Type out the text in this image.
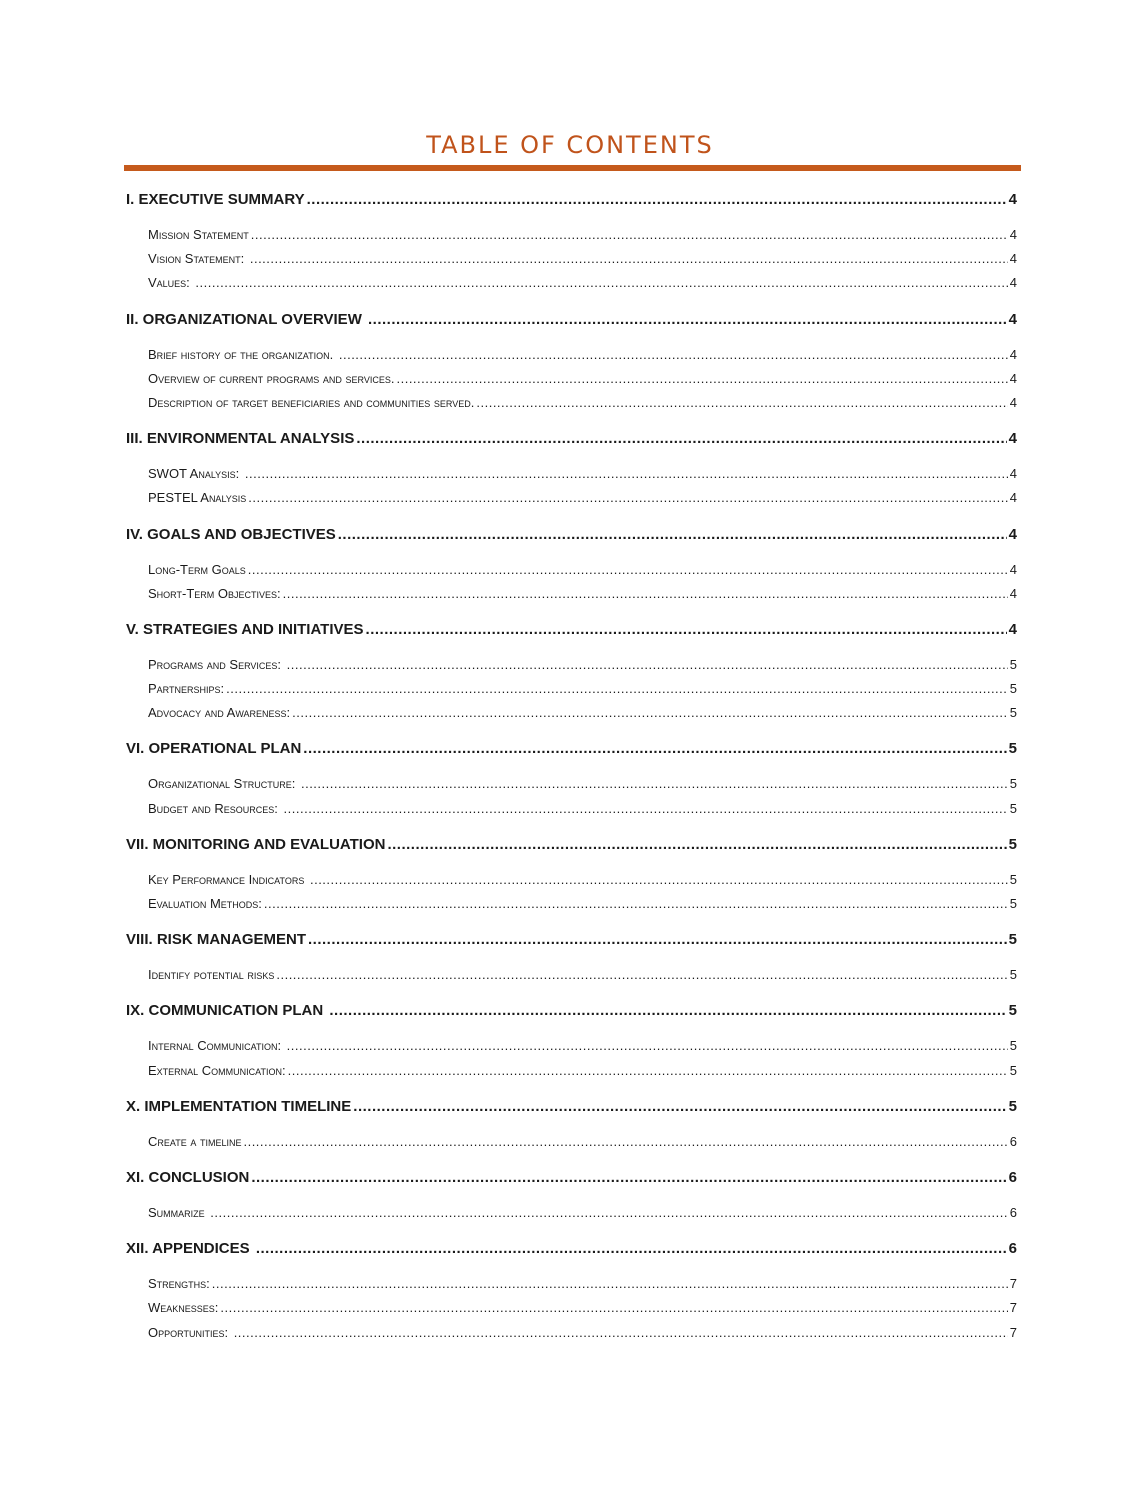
TABLE OF CONTENTS
I. EXECUTIVE SUMMARY .....	4
Mission Statement .....	4
Vision Statement: .....	4
Values: .....	4
II. ORGANIZATIONAL OVERVIEW .....	4
Brief history of the organization. .....	4
Overview of current programs and services. .....	4
Description of target beneficiaries and communities served. .....	4
III. ENVIRONMENTAL ANALYSIS .....	4
SWOT Analysis: .....	4
PESTEL Analysis .....	4
IV. GOALS AND OBJECTIVES .....	4
Long-Term Goals .....	4
Short-Term Objectives: .....	4
V. STRATEGIES AND INITIATIVES .....	4
Programs and Services: .....	5
Partnerships: .....	5
Advocacy and Awareness: .....	5
VI. OPERATIONAL PLAN .....	5
Organizational Structure: .....	5
Budget and Resources: .....	5
VII. MONITORING AND EVALUATION .....	5
Key Performance Indicators .....	5
Evaluation Methods: .....	5
VIII. RISK MANAGEMENT .....	5
Identify potential risks .....	5
IX. COMMUNICATION PLAN .....	5
Internal Communication: .....	5
External Communication: .....	5
X. IMPLEMENTATION TIMELINE .....	5
Create a timeline .....	6
XI. CONCLUSION .....	6
Summarize .....	6
XII. APPENDICES .....	6
Strengths: .....	7
Weaknesses: .....	7
Opportunities: .....	7
